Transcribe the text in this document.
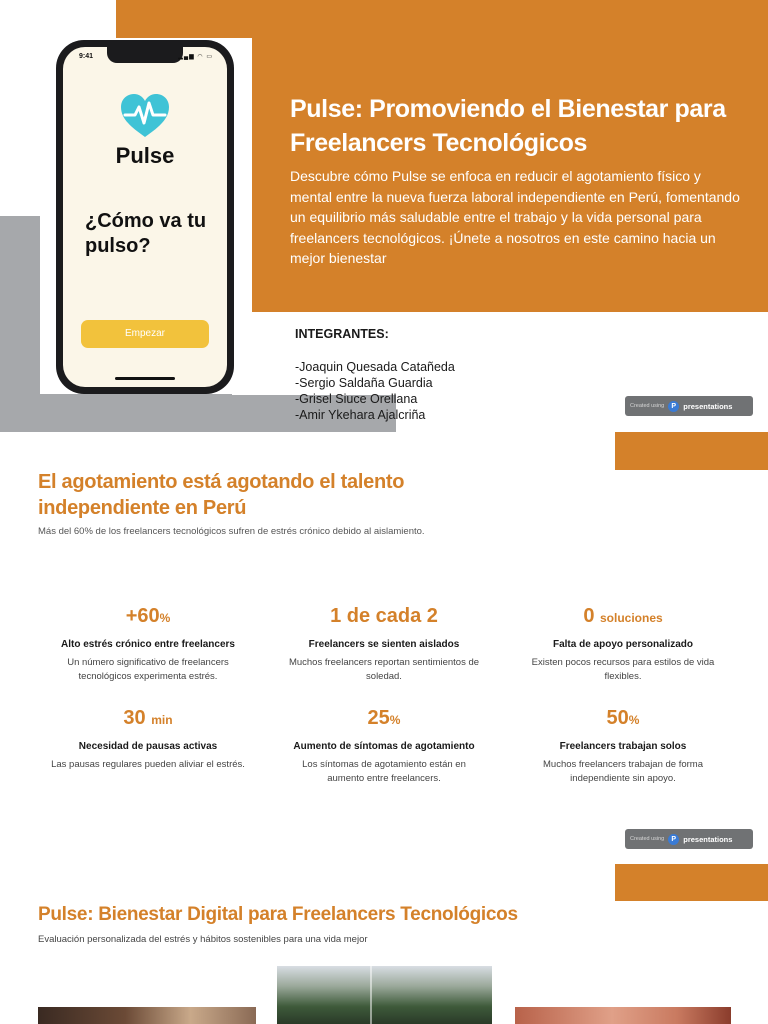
9:41	▂▄▆ ◠ ▭
Pulse
¿Cómo va tu pulso?
Empezar
Pulse: Promoviendo el Bienestar para Freelancers Tecnológicos

Descubre cómo Pulse se enfoca en reducir el agotamiento físico y mental entre la nueva fuerza laboral independiente en Perú, fomentando un equilibrio más saludable entre el trabajo y la vida personal para freelancers tecnológicos. ¡Únete a nosotros en este camino hacia un mejor bienestar

INTEGRANTES:
-Joaquin Quesada Catañeda
-Sergio Saldaña Guardia
-Grisel Siuce Orellana
-Amir Ykehara Ajalcriña
Created using	P presentations
El agotamiento está agotando el talento independiente en Perú

Más del 60% de los freelancers tecnológicos sufren de estrés crónico debido al aislamiento.

+60%
Alto estrés crónico entre freelancers
Un número significativo de freelancers tecnológicos experimenta estrés.
1 de cada 2
Freelancers se sienten aislados
Muchos freelancers reportan sentimientos de soledad.
0 soluciones
Falta de apoyo personalizado
Existen pocos recursos para estilos de vida flexibles.
30 min
Necesidad de pausas activas
Las pausas regulares pueden aliviar el estrés.
25%
Aumento de síntomas de agotamiento
Los síntomas de agotamiento están en aumento entre freelancers.
50%
Freelancers trabajan solos
Muchos freelancers trabajan de forma independiente sin apoyo.
Created using	P presentations
Pulse: Bienestar Digital para Freelancers Tecnológicos

Evaluación personalizada del estrés y hábitos sostenibles para una vida mejor
